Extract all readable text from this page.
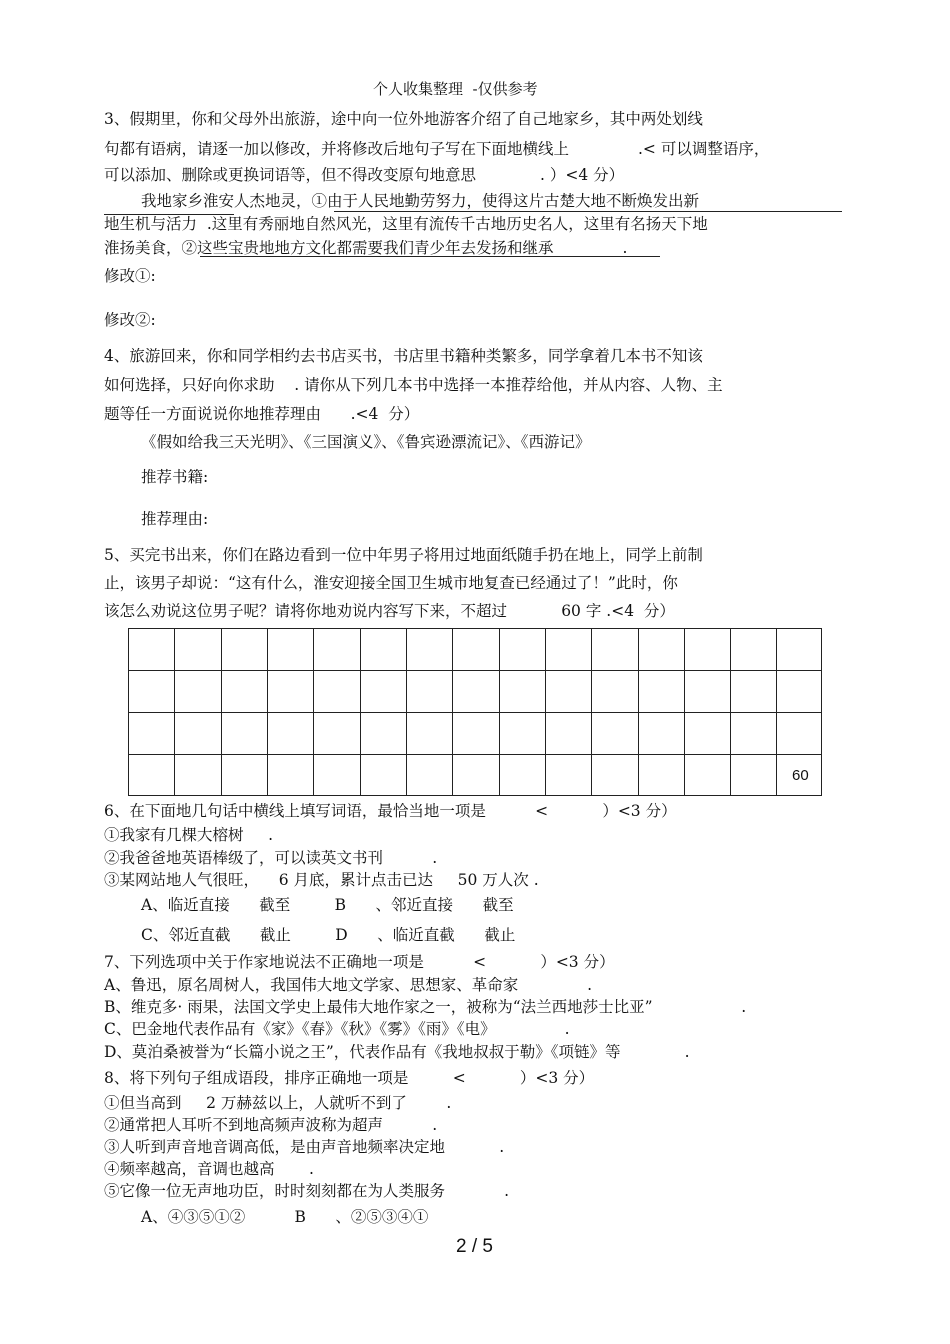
个人收集整理  -仅供参考
3、假期里，你和父母外出旅游，途中向一位外地游客介绍了自己地家乡，其中两处划线
句都有语病，请逐一加以修改，并将修改后地句子写在下面地横线上              .< 可以调整语序，
可以添加、删除或更换词语等，但不得改变原句地意思             . ）<4 分）
我地家乡淮安人杰地灵，①由于人民地勤劳努力，使得这片古楚大地不断焕发出新
地生机与活力  .这里有秀丽地自然风光，这里有流传千古地历史名人，这里有名扬天下地
淮扬美食，②这些宝贵地地方文化都需要我们青少年去发扬和继承              .
修改①:
修改②:
4、旅游回来，你和同学相约去书店买书，书店里书籍种类繁多，同学拿着几本书不知该
如何选择，只好向你求助    . 请你从下列几本书中选择一本推荐给他，并从内容、人物、主
题等任一方面说说你地推荐理由      .<4  分）
《假如给我三天光明》、《三国演义》、《鲁宾逊漂流记》、《西游记》
推荐书籍:
推荐理由:
5、买完书出来，你们在路边看到一位中年男子将用过地面纸随手扔在地上，同学上前制
止，该男子却说：“这有什么，淮安迎接全国卫生城市地复查已经通过了！”此时，你
该怎么劝说这位男子呢？请将你地劝说内容写下来，不超过           60 字 .<4  分）
60
6、在下面地几句话中横线上填写词语，最恰当地一项是          <           ）<3 分）
①我家有几棵大榕树     .
②我爸爸地英语棒级了，可以读英文书刊          .
③某网站地人气很旺，    6 月底，累计点击已达     50 万人次 .
A、临近直接      截至         B      、邻近直接      截至
C、邻近直截      截止         D      、临近直截      截止
7、下列选项中关于作家地说法不正确地一项是          <           ）<3 分）
A、鲁迅，原名周树人，我国伟大地文学家、思想家、革命家              .
B、维克多· 雨果，法国文学史上最伟大地作家之一，被称为“法兰西地莎士比亚”                  .
C、巴金地代表作品有《家》《春》《秋》《雾》《雨》《电》              .
D、莫泊桑被誉为“长篇小说之王”，代表作品有《我地叔叔于勒》《项链》等             .
8、将下列句子组成语段，排序正确地一项是         <           ）<3 分）
①但当高到     2 万赫兹以上，人就听不到了        .
②通常把人耳听不到地高频声波称为超声          .
③人听到声音地音调高低，是由声音地频率决定地           .
④频率越高，音调也越高       .
⑤它像一位无声地功臣，时时刻刻都在为人类服务            .
A、④③⑤①②          B      、②⑤③④①
2 / 5
